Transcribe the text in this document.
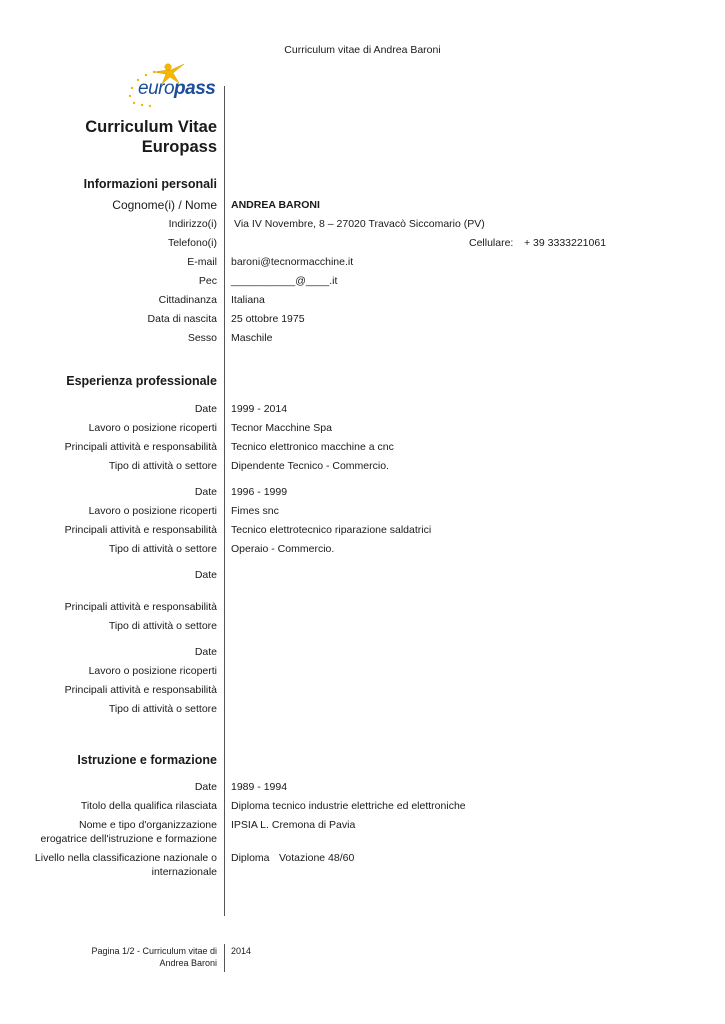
Curriculum vitae di Andrea Baroni
europass
Curriculum Vitae
Europass
Informazioni personali
Cognome(i) / Nome ANDREA BARONI
Indirizzo(i) Via IV Novembre, 8 – 27020 Travacò Siccomario (PV)
Telefono(i)	Cellulare: + 39 3333221061
E-mail baroni@tecnormacchine.it
Pec ___________@____.it
Cittadinanza Italiana
Data di nascita 25 ottobre 1975
Sesso Maschile
Esperienza professionale
Date 1999 - 2014
Lavoro o posizione ricoperti Tecnor Macchine Spa
Principali attività e responsabilità Tecnico elettronico macchine a cnc
Tipo di attività o settore Dipendente Tecnico - Commercio.
Date 1996 - 1999
Lavoro o posizione ricoperti Fimes snc
Principali attività e responsabilità Tecnico elettrotecnico riparazione saldatrici
Tipo di attività o settore Operaio - Commercio.
Date
Principali attività e responsabilità
Tipo di attività o settore
Date
Lavoro o posizione ricoperti
Principali attività e responsabilità
Tipo di attività o settore
Istruzione e formazione
Date 1989 - 1994
Titolo della qualifica rilasciata Diploma tecnico industrie elettriche ed elettroniche
Nome e tipo d'organizzazione
erogatrice dell'istruzione e formazione
IPSIA L. Cremona di Pavia
Livello nella classificazione nazionale o
internazionale
Diploma Votazione 48/60
Pagina 1/2 - Curriculum vitae di
Andrea Baroni
2014
